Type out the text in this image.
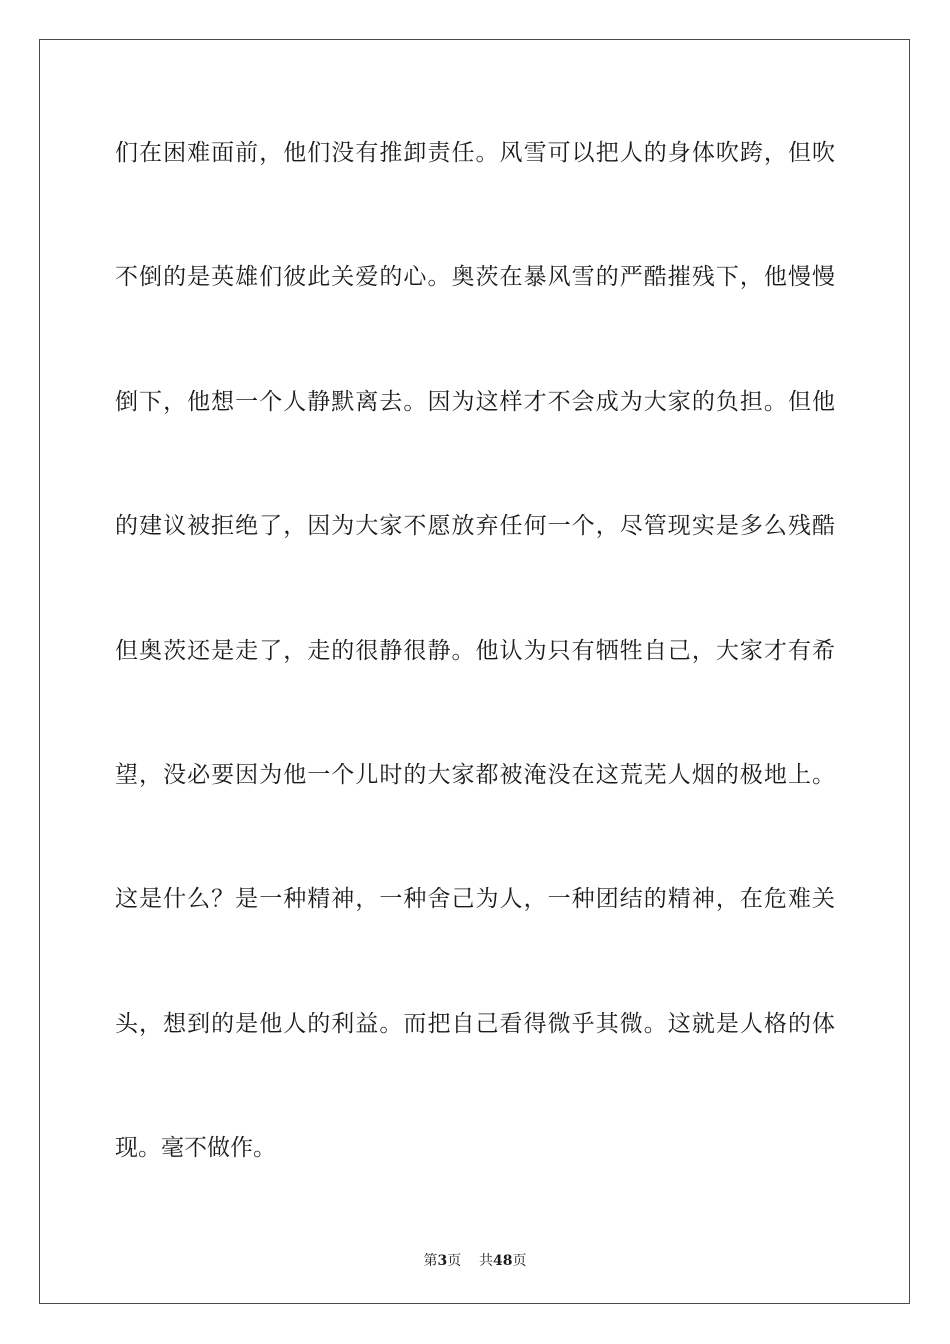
们在困难面前，他们没有推卸责任。风雪可以把人的身体吹跨，但吹
不倒的是英雄们彼此关爱的心。奥茨在暴风雪的严酷摧残下，他慢慢
倒下，他想一个人静默离去。因为这样才不会成为大家的负担。但他
的建议被拒绝了，因为大家不愿放弃任何一个，尽管现实是多么残酷
但奥茨还是走了，走的很静很静。他认为只有牺牲自己，大家才有希
望，没必要因为他一个儿时的大家都被淹没在这荒芜人烟的极地上。
这是什么？是一种精神，一种舍己为人，一种团结的精神，在危难关
头，想到的是他人的利益。而把自己看得微乎其微。这就是人格的体
现。毫不做作。
第3页 共48页
